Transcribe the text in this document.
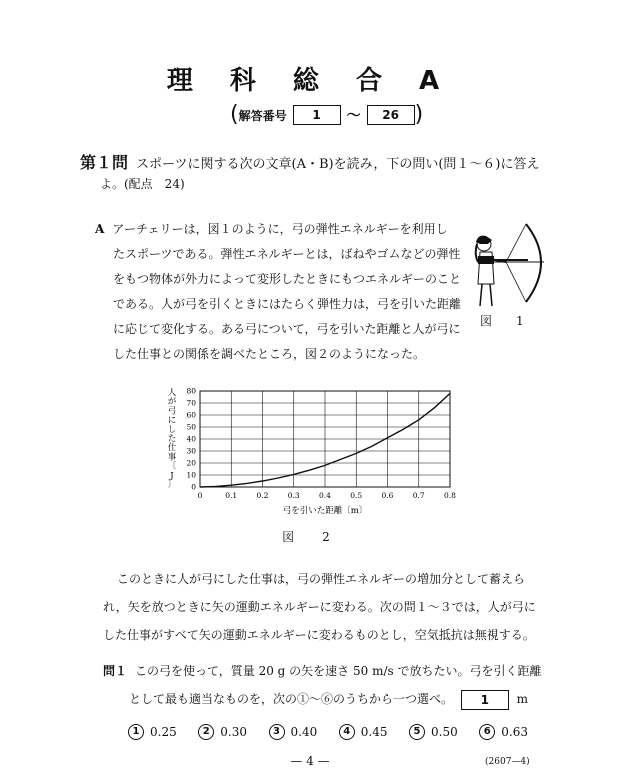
理 科 総 合 A
( 解答番号	1	〜	26 )
第１問 スポーツに関する次の文章(A・B)を読み，下の問い(問１〜６)に答え
よ。(配点　24)
A アーチェリーは，図１のように，弓の弾性エネルギーを利用し
たスポーツである。弾性エネルギーとは，ばねやゴムなどの弾性
をもつ物体が外力によって変形したときにもつエネルギーのこと
である。人が弓を引くときにはたらく弾性力は，弓を引いた距離
に応じて変化する。ある弓について，弓を引いた距離と人が弓に
した仕事との関係を調べたところ，図２のようになった。
図　1
0	0.1	0.2	0.3	0.4	0.5	0.6	0.7	0.8
0
10
20
30
40
50
60
70
80
弓を引いた距離〔m〕
人
が
弓
に
し
た
仕
事
〔
J
〕
図　2
このときに人が弓にした仕事は，弓の弾性エネルギーの増加分として蓄えら
れ，矢を放つときに矢の運動エネルギーに変わる。次の問１〜３では，人が弓に
した仕事がすべて矢の運動エネルギーに変わるものとし，空気抵抗は無視する。
問１ この弓を使って，質量 20 g の矢を速さ 50 m/s で放ちたい。弓を引く距離
として最も適当なものを，次の①〜⑥のうちから一つ選べ。 1 m
1 0.25	2 0.30	3 0.40	4 0.45	5 0.50	6 0.63
— 4 —	(2607—4)
